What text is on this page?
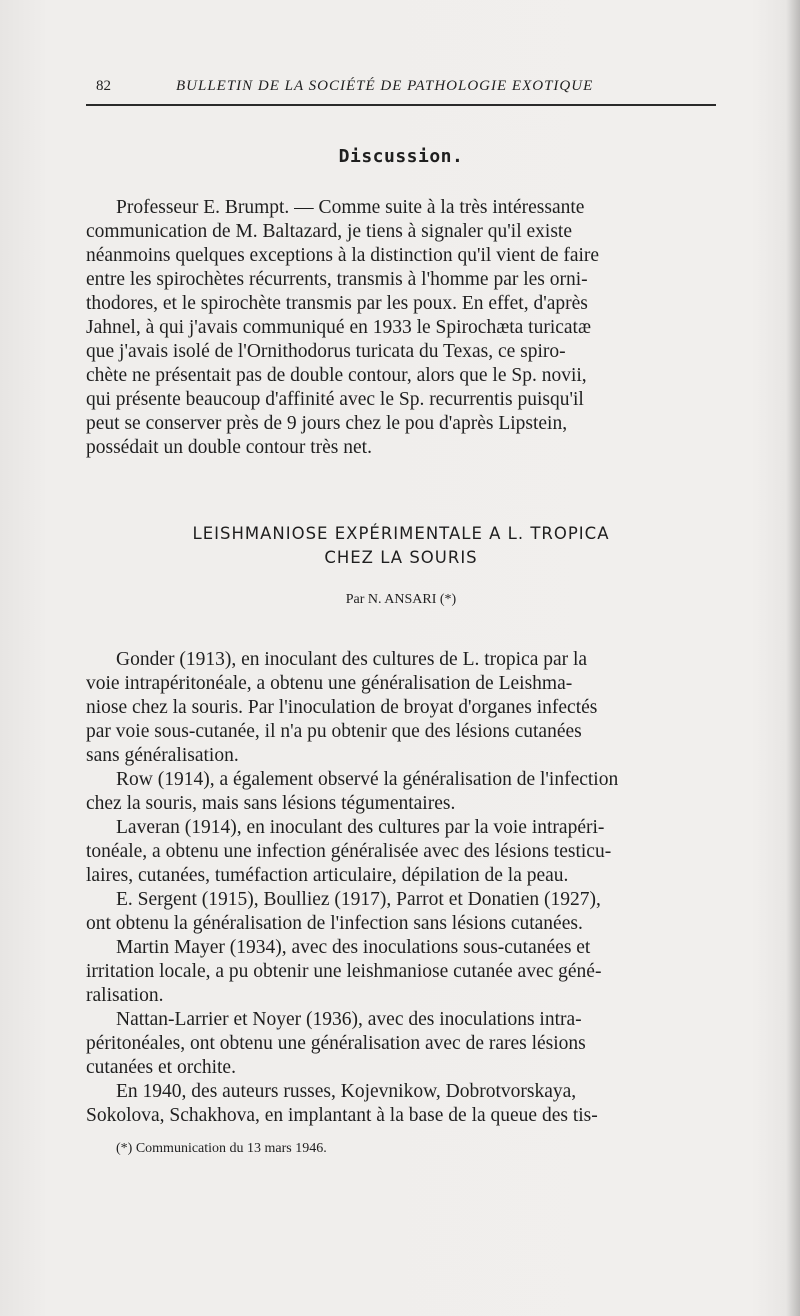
82	BULLETIN DE LA SOCIÉTÉ DE PATHOLOGIE EXOTIQUE
Discussion.

Professeur E. Brumpt. — Comme suite à la très intéressante

communication de M. Baltazard, je tiens à signaler qu'il existe

néanmoins quelques exceptions à la distinction qu'il vient de faire

entre les spirochètes récurrents, transmis à l'homme par les orni-

thodores, et le spirochète transmis par les poux. En effet, d'après

Jahnel, à qui j'avais communiqué en 1933 le Spirochæta turicatæ

que j'avais isolé de l'Ornithodorus turicata du Texas, ce spiro-

chète ne présentait pas de double contour, alors que le Sp. novii,

qui présente beaucoup d'affinité avec le Sp. recurrentis puisqu'il

peut se conserver près de 9 jours chez le pou d'après Lipstein,

possédait un double contour très net.

LEISHMANIOSE EXPÉRIMENTALE A L. TROPICA
CHEZ LA SOURIS
Par N. ANSARI (*)

Gonder (1913), en inoculant des cultures de L. tropica par la

voie intrapéritonéale, a obtenu une généralisation de Leishma-

niose chez la souris. Par l'inoculation de broyat d'organes infectés

par voie sous-cutanée, il n'a pu obtenir que des lésions cutanées

sans généralisation.

Row (1914), a également observé la généralisation de l'infection

chez la souris, mais sans lésions tégumentaires.

Laveran (1914), en inoculant des cultures par la voie intrapéri-

tonéale, a obtenu une infection généralisée avec des lésions testicu-

laires, cutanées, tuméfaction articulaire, dépilation de la peau.

E. Sergent (1915), Boulliez (1917), Parrot et Donatien (1927),

ont obtenu la généralisation de l'infection sans lésions cutanées.

Martin Mayer (1934), avec des inoculations sous-cutanées et

irritation locale, a pu obtenir une leishmaniose cutanée avec géné-

ralisation.

Nattan-Larrier et Noyer (1936), avec des inoculations intra-

péritonéales, ont obtenu une généralisation avec de rares lésions

cutanées et orchite.

En 1940, des auteurs russes, Kojevnikow, Dobrotvorskaya,

Sokolova, Schakhova, en implantant à la base de la queue des tis-

(*) Communication du 13 mars 1946.
